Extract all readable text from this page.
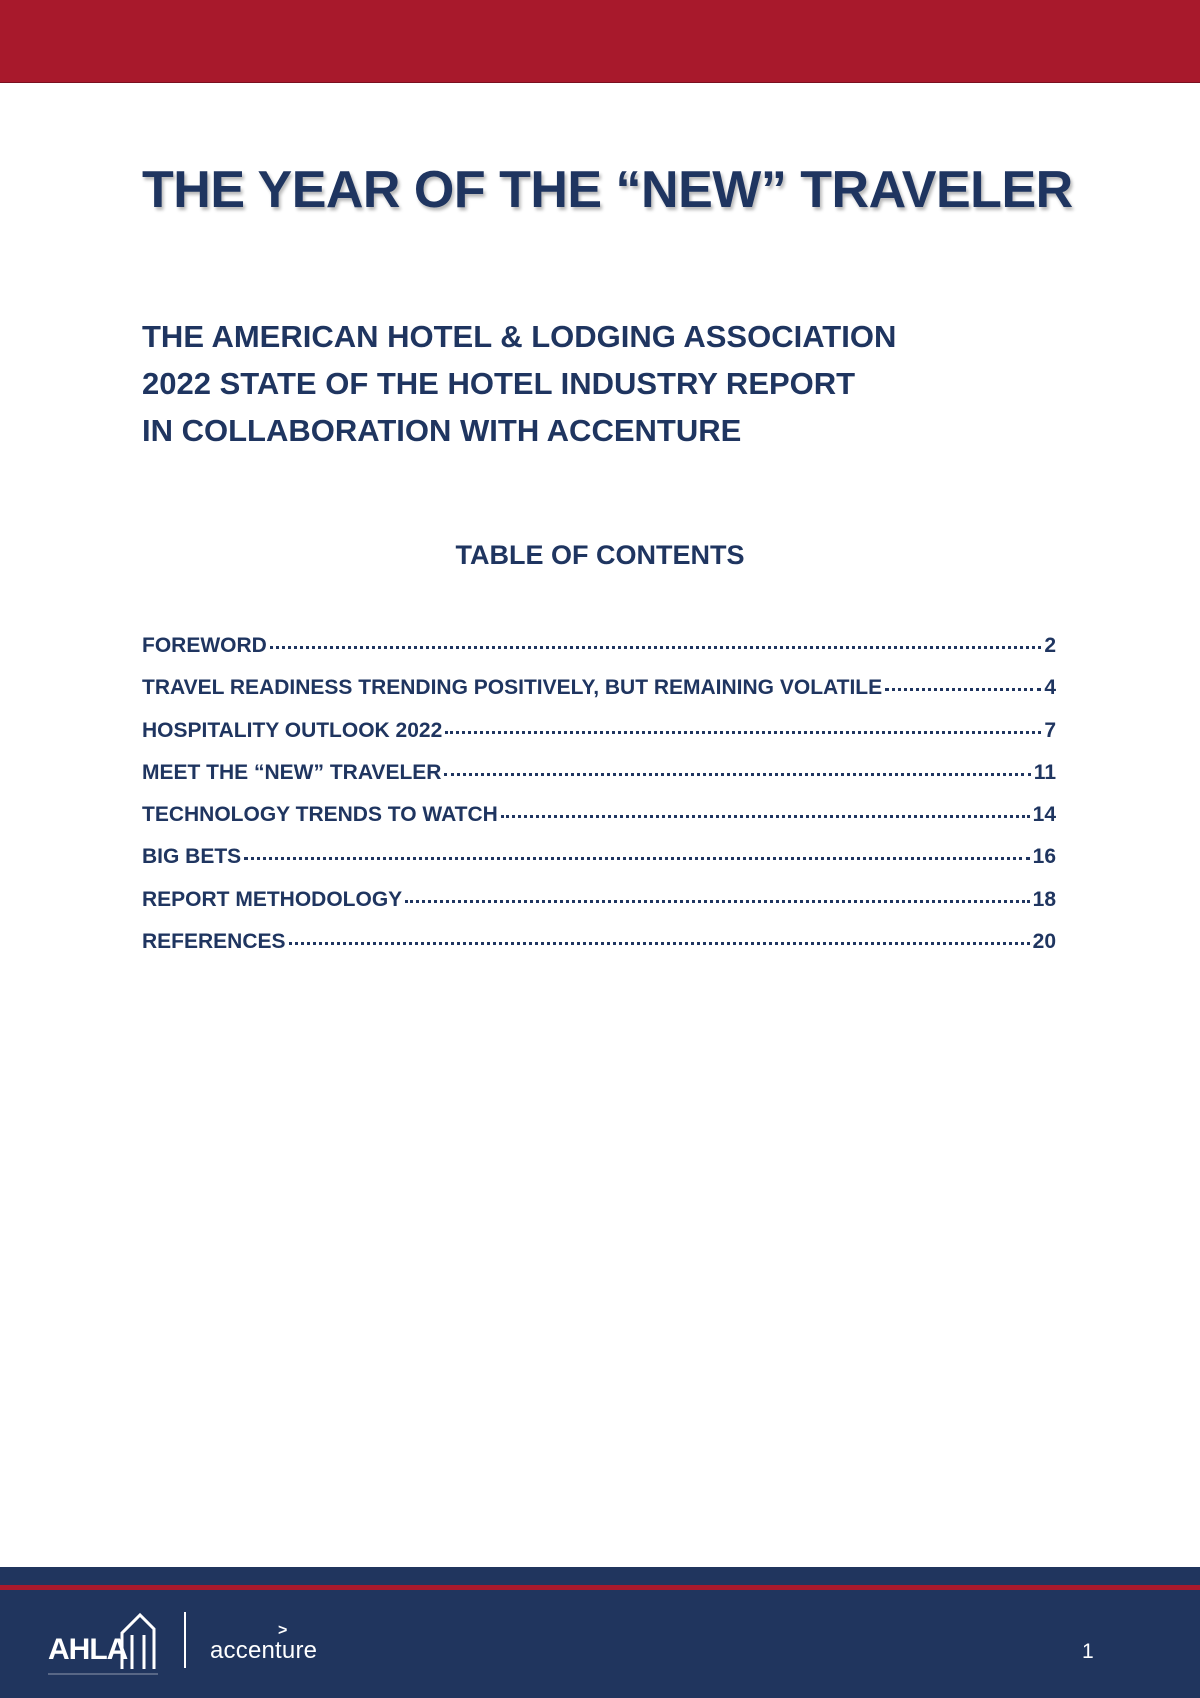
THE YEAR OF THE “NEW” TRAVELER
THE AMERICAN HOTEL & LODGING ASSOCIATION
2022 STATE OF THE HOTEL INDUSTRY REPORT
IN COLLABORATION WITH ACCENTURE
TABLE OF CONTENTS
FOREWORD	2
TRAVEL READINESS TRENDING POSITIVELY, BUT REMAINING VOLATILE	4
HOSPITALITY OUTLOOK 2022	7
MEET THE “NEW” TRAVELER	11
TECHNOLOGY TRENDS TO WATCH	14
BIG BETS	16
REPORT METHODOLOGY	18
REFERENCES	20
AHLA
>
accenture	1
